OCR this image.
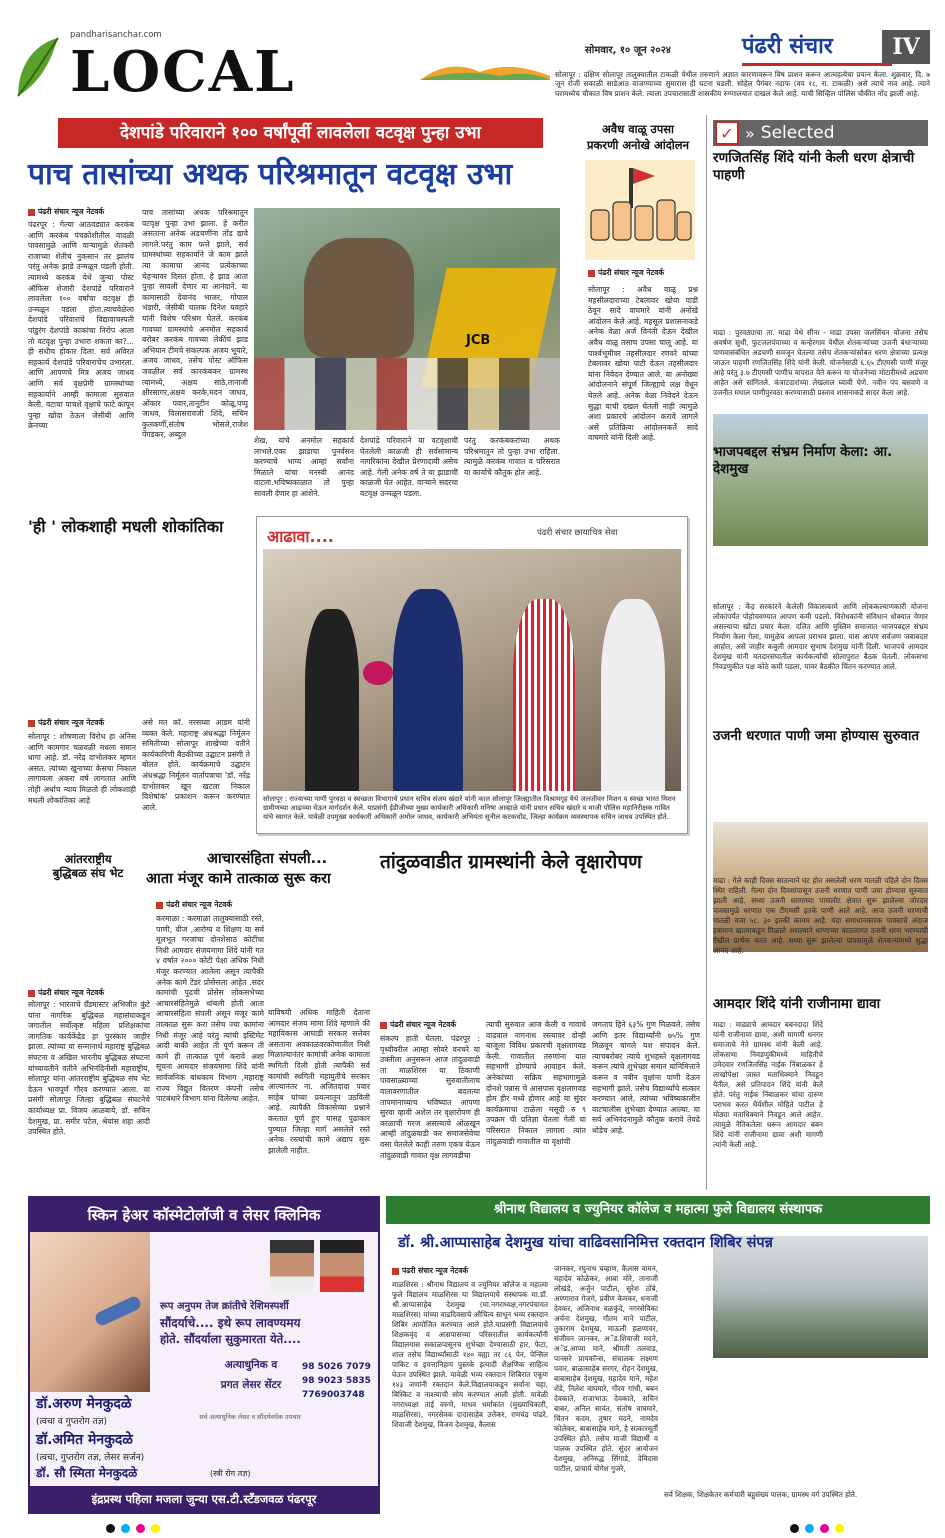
pandharisanchar.com
LOCAL	सोमवार, १० जून २०२४	पंढरी संचार	IV
सोलापूर : दक्षिण सोलापूर तालुक्यातील टाकळी येथील तरुणाने अज्ञात कारणावरून विष प्राशन करून आत्महत्येचा प्रयत्न केला. शुक्रवार, दि. ७ जून रोजी सकाळी साडेआठ वाजण्याच्या सुमारास ही घटना घडली. सोहेल पैगंबर नदाफ (वय १८, रा. टाकळी) असे त्याचे नाव आहे. त्याने घरामध्येच चौकात विष प्राशन केले. त्याला उपचारासाठी शासकीय रुग्णालयात दाखल केले आहे. याची सिव्हिल पोलिस चौकीत नोंद झाली आहे.
देशपांडे परिवाराने १०० वर्षांपूर्वी लावलेला वटवृक्ष पुन्हा उभा
पाच तासांच्या अथक परिश्रमातून वटवृक्ष उभा
पंढरी संचार न्यूज नेटवर्क
पंढरपूर : गेल्या आठवड्यात करकंब आणि करकंब पंचक्रोशीतील वादळी पावसामुळे आणि वाऱ्यामुळे शेतकरी राजाच्या शेतीचं नुकसान तर झालंच परंतु अनेक झाडे उन्मळून पडली होती. त्यामध्ये करकंब येथे जुन्या पोस्ट ऑफिस शेजारी देशपांडे परिवाराने लावलेला १०० वर्षांचा वटवृक्ष ही उन्मळून पडला होता.त्याचवेळेला देशपांडे परिवाराचे विद्यावाचस्पती पांडुरंग देशपांडे काकांचा निरोप आला तो वटवृक्ष पुन्हा उभारा शकता का?... ही संधीच होकार दिला. सर्व अविरत सहकार्य देशपांडे परिवाराचेच उभारला. आणि आपणचे मित्र अजय जाधव आणि सर्व वृक्षप्रेमी ग्रामस्थांच्या सहकार्याने आम्ही कामाला सुरुवात केली. वटाचा पाचशे वृक्षाचे फाटे कापून पुन्हा खोदा ठेऊन जेसीबी आणि क्रेनच्या
पाच तासांच्या अथक परिश्रमातून वटवृक्ष पुन्हा उभा झाला. हे करीत असताना अनेक अडचणींना तोंड द्यावे लागले.परंतु काम फत्ते झाले, सर्व ग्रामस्थांच्या सहकार्याने जे काम झाले त्या कामाचा आनंद प्रत्येकाच्या चेहऱ्यावर दिसत होता. हे झाड आता पुन्हा सावली देणार या आनंदाने. या कामासाठी देवानंद भाजर, गोपाल भंडारी, जेसीबी चालक दिनेश यवहारे यांनी विशेष परिश्रम घेतले. करकंब गावच्या ग्रामस्थांचे अनमोल सहकार्य बरोबर करकंब गावच्या लेकींचं झाड अभियान टीमचे संकल्पक अजय भूयारे, अजय जाधव, तसेच पोस्ट ऑफिस जवळील सर्व कारकंबकर ग्रामस्थ त्यामध्ये, अक्षय साठे,तानाजी क्षीरसागर,अक्षय करके,मदन जाधव, ओंकार पवार,तानूटीन कोळू,पप्पू जाधव, विलासरावजी शिंदे, सचिन कुलकर्णी,संतोष भोसले,राजेश पेंगडकर, अब्दुल
JCB
शेख, यांचे अनमोल सहकार्य लाभले.एका झाडाचा पुनर्वसन करण्याचे भाग्य आम्हां सर्वांना मिळाले यांचा मनस्वी आनंद वाटला.भविष्यकाळात तो पुन्हा सावली देणार हा आशेने.
देशपांडे परिवाराने या वटवृक्षाची घेतलेली काळजी ही सर्वसामान्य नागरिकांना देखील प्रेरणादायी असेच आहे. गेली अनेक वर्ष ते या झाडाची काळजी घेत आहेत. वाऱ्याने सदरचा वटवृक्ष उन्मळून पडला.
परंतु करकंबकरांच्या अथक परिश्रमातून तो पुन्हा उभा राहिला. त्यामुळे करकंब गावात व परिसरात या कार्याचे कौतुक होत आहे.
अवैध वाळू उपसा
प्रकरणी अनोखे आंदोलन
पंढरी संचार न्यूज नेटवर्क
सोलापूर : अवैध वाळू प्रश्न महसीलदाराच्या टेबलावर खोया पाडी ठेवून सादे वाघमारे यांनी अनोखे आंदोलन केले आहे. महसूल प्रशासनाकडे अनेक वेळा अर्ज विनंती देऊन देखील अवैध वाळू तसाच उपसा चालू आहे. या पार्श्वभूमीवर तहसीलदार रणवरे यांच्या टेबलावर खोया पाटी देऊन तहसीलदार यांना निवेदन देण्यात आले. या अनोख्या आंदोलनाने संपूर्ण जिल्ह्याचे लक्ष वेधून घेतले आहे. अनेक वेळा निवेदने देऊन सुद्धा याची दखल घेतली नाही त्यामुळे अशा प्रकारचे आंदोलन करावे लागले असे प्रतिक्रिया आंदोलनकर्ते सादे वाघमारे यांनी दिली आहे.
✓ » Selected
रणजितसिंह शिंदे यांनी केली धरण क्षेत्राची पाहणी
माढा : पुरवठ्याचा ता. माढा येथे सीना - माढा उपसा जलसिंचन योजना तसेच अवर्षण सुधी, फुटजलपंपाच्या व कन्हेरगाव येथील शेतकऱ्यांच्या उजनी बंधाऱ्याच्या पाणवासंबंधित अडचणी समजून घेतल्या तसेच शेतकऱ्यांसोबत धरण क्षेत्राच्या प्रत्यक्ष जाऊन पाहणी रणजितसिंह शिंदे यांनी केली. योजनेसाठी ६.६५ टीएमसी पाणी मंजूर आहे परंतु ३.७ टीएमसी पाणीच वापरात येते करून या योजनेच्या मोटारीमध्ये अडचण आहेत असे सांगितले. कंत्राटदारांच्या लेखलाल घ्यावी घेणे. नवीन पंप बसवणे व उजनीत मधाल पाणीपुरवठा करण्यासाठी प्रस्ताव शासनाकडे सादर केला आहे.
भाजपबद्दल संभ्रम निर्माण केला: आ. देशमुख
सोलापूर : केंद्र सरकारने केलेली विकासकामे आणि लोककल्याणकारी योजना लोकांपर्यंत पोहोचवण्यात आपण कमी पडलो. विरोधकांनी संविधान धोक्यात येणार असल्याचा खोटा प्रचार केला. दलित आणि मुस्लिम समाजात भाजपबद्दल संभ्रम निर्माण केला गेला, यामुळेच आपला पराभव झाला. यास आपण सर्वजण जबाबदार आहोत, असे जाहीर कबुली आमदार सुभाष देशमुख यांनी दिली. भाजपचे आमदार देशमुख यांनी मतदारसंघातील कार्यकर्त्यांची सोलापुरात बैठक घेतली. लोकसभा निवडणुकीत पक्ष कोठे कमी पडला, यावर बैठकीत चिंतन करण्यात आले.
उजनी धरणात पाणी जमा होण्यास सुरुवात
माढा : गेले काही दिवस सातत्याने घट होत असलेली धरण पातळी पहिले दोन दिवस स्थिर राहिली. गेल्या दोन दिवसांपासून उजनी धरणात पाणी जमा होण्यास सुरुवात झाली आहे. सध्या उजनी धरणाच्या पाणलोट क्षेत्रात सुरू झालेल्या जोरदार पावसामुळे धरणात एक टीएमसी इतके पाणी आले आहे. आज उजनी धरणाची पातळी वजा ५८. ३० इतकी कायम आहे. यंदा समाधानकारक पावसाचे अंदाज हवामान खात्याकडून मिळाले असल्याने धरणाच्या काठलागत उजनी धरण भरण्याची देखील प्रार्थना करत आहे. सध्या सुरू झालेल्या पावसामुळे शेतकऱ्यांमध्ये सुद्धा आनंद आहे.
आमदार शिंदे यांनी राजीनामा द्यावा
माढा : माढ्याचे आमदार बबनदादा शिंदे यांनी राजीनामा द्यावा, अशी मागणी धनगर समाजाचे नेते ग्रामस्थ यांनी केली आहे. लोकसभा निवडणुकीमध्ये माहितीचे उमेदवार रणजितसिंह नाईक निंबाळकर हे लाखोपेक्षा जास्त मताधिक्याने निवडून येतील, असे प्रतिपादन शिंदे यांनी केले होते. परंतु नाईक निंबाळकर यांचा दारुण पराभव करत धैर्यशील मोहिते पाटील हे मोठ्या मताधिक्याने निवडून आले आहेत. त्यामुळे नैतिकतेला धरून आमदार बबन शिंदे यांनी राजीनामा द्यावा अशी मागणी त्यांनी केली आहे.
'ही ' लोकशाही मधली शोकांतिका
पंढरी संचार न्यूज नेटवर्क
सोलापूर : शोषणाला विरोध हा अनिस आणि कामगार चळवळी मधला समान धागा आहे. डॉ. नरेंद्र दाभोलकर म्हणत असत. त्यांच्या खुनाच्या केसचा निकाल लागायला अकरा वर्ष लागतात आणि तोही अर्धाच न्याय मिळतो ही लोकशाही मधली शोकांतिका आहे
असे मत कॉ. नरसय्या आडम यांनी व्यक्त केले. महाराष्ट्र अंधश्रद्धा निर्मूलन समितीच्या सोलापूर शाखेच्या वतीने कार्यकारिणी बैठकीच्या उद्घाटन प्रसंगी ते बोलत होते. कार्यक्रमाचे उद्घाटन अंधश्रद्धा निर्मूलन वार्तापत्राचा 'डॉ. नरेंद्र दाभोलकर खून खटला निकाल विशेषांक' प्रकाशन करून करण्यात आले.
आढावा....	पंढरी संचार छायाचित्र सेवा
सोलापूर : राज्याच्या पाणी पुरवठा व स्वच्छता विभागाचे प्रधान सचिव संजय खंदारे यांनी काल सोलापूर जिल्ह्यातील विश्रामगृह येथे जलजीवन मिशन व स्वच्छ भारत मिशन ग्रामीणच्या आढाव्या घेऊन मार्गदर्शन केले. याप्रसंगी ईडीजीच्या मुख्य कार्यकारी अधिकारी मनिषा आव्हाळे यांनी प्रधान सचिव खंदारे व माजी पोलिस महानिरीक्षक गावित यांचे स्वागत केले. यावेळी उपमुख्य कार्यकारी अधिकारी अमोल जाधव, कार्यकारी अभियंता सुनील कटकधोंड, जिल्हा कार्यक्रम व्यवस्थापक सचिन जाधव उपस्थित होते.
आंतरराष्ट्रीय
बुद्धिबळ संघ भेट
पंढरी संचार न्यूज नेटवर्क
सोलापूर : भारताचे ग्रँडमास्टर अभिजीत कुंटे यांना नागरिक बुद्धिबळ महासंघाकडून जगातील सर्वोत्कृष्ट महिला प्रशिक्षकांचा जागतिक कार्यकेंद्रेड हा पुरस्कार जाहीर झाला. त्यांच्या या सन्मानार्थ महाराष्ट्र बुद्धिबळ संघटना व अखिल भारतीय बुद्धिबळ संघटना यांच्यावतीने वतीने अभिनंदिनीसी महाराष्ट्रीय, सोलापूर यांना आंतरराष्ट्रीय बुद्धिबळ संघ भेट देऊन भावपूर्ण गौरव करण्यात आला. या प्रसंगी सोलापूर जिल्हा बुद्धिबळ संघटनेचे कार्याध्यक्ष प्रा. विजय आळबाये, डॉ. सचिन देशमुख, प्रा. समीर पटेल, श्रेयांस शहा आदी उपस्थित होते.
आचारसंहिता संपली...
आता मंजूर कामे तात्काळ सुरू करा
पंढरी संचार न्यूज नेटवर्क
करमाळा : करमाळा तालुक्यासाठी रस्ते, पाणी, वीज ,आरोग्य व शिक्षण या सर्व मूलभूत गरजांचा दोनशेसाठ कोटींचा निधी आमदार संजयमामा शिंदे यांनी गत ४ वर्षात २००० कोटी पेक्षा अधिक निधी मंजूर करण्यात आलेला असून त्यापैकी अनेक कामे टेंडर प्रोसेसला आहेत .सदर कामांची पुढची प्रोसेस लोकसभेच्या आचारसंहितेमुळे थांबली होती आता आचारसंहिता संपली असून मंजूर कामे तात्काळ सुरू करा तसेच ज्या कामांना निधी मंजूर आहे परंतु त्यांची इस्टिमेट आदी बाकी आहेत ती पूर्ण करून ती कामे ही तात्काळ पूर्ण करावे अशा सूचना आमदार संजयमामा शिंदे यांनी सार्वजनिक बांधकाम विभाग ,महाराष्ट्र राज्य विद्युत वितरण कंपनी तसेच पाटबंधारे विभाग यांना दिलेल्या आहेत.
याविषयी अधिक माहिती देताना आमदार संजय मामा शिंदे म्हणाले की महायिकास आघाडी सरकार सत्तेवर असताना अवकाळवरकोणातील निधी मिळाल्यानंतर कामांची अनेक कामाला स्थगिती दिली होती त्यापैकी सर्व कामांची स्थगिती महायुतीचे सरकार आल्यानंतर ना. अजितदादा पवार साहेब यांच्या प्रयत्नातून उठविली आहे. त्यापैकी विकासेच्या प्रश्नाने करतात पूर्ण हुए यासह पुढाकार पुण्यात जिल्हा मार्ग असलेले रस्ते अनेक रस्त्यांची कामे अद्याप सुरू झालेली नाहीत.
तांदुळवाडीत ग्रामस्थांनी केले वृक्षारोपण
पंढरी संचार न्यूज नेटवर्क
संकल्प हाती घेतला. पंढरपूर : पृथ्वीवरील आम्हा सोयरे वनचरे या उक्तीला अनुसरून आज तांदुळवाडी ता माळशिरस या ठिकाणी पावसाळ्याच्या सुरुवातीलाच वातावरणातील बदलत्या तापमानाच्याच भविष्यात आपणा सुरवा व्हावी अशेल तर वृक्षारोपण ही काळाची गरज असल्याचे ओळखून आम्ही तांदुळवाडी कर समाजसेवेचा वसा घेतलेले काही तरुण एकत्र येऊन तांदुळवाडी गावात वृक्ष लागवडीचा
त्याची सुरुवात आज केली व गावाचे वाढवाल नागनाथ रस्त्यावर दोन्ही बाजूला विविध प्रकारची वृक्षलागवड केली. गावातील तरुणांना यात सहभागी होण्याचे आवाहन केले. अनेकांच्या सक्रिय सहभागामुळे दोनशे पन्नास चे आसपास वृक्षलागवड होम हीर मध्ये होणार आहे या सुंदर कार्यक्रमाचा टाळेला मसूदी रु ९ उपक्रम ची प्रतिज्ञा घेतला गेली या परिसरात निकाल लागला त्यांत तांदुळवाडी गावातील या वृक्षांची
जगताप हिने ६३% गुण मिळवले. तसेच आणि इतर विद्यार्थ्यांनी ७५% गुण मिळवून चांगले यश संपादन केले. त्याचबरोबर त्याचे शुभहस्ते वृक्षलागवड करून त्यांचे शुभेच्छा समान यानिमित्ताने करून व नवीन वृक्षांना पाणी देऊन सहभागी झाले. तसेच विद्यार्थ्यांचे सत्कार करण्यात आले, त्यांच्या भविष्यकालीन वाटचालीस शुभेच्छा देण्यात आल्या. या सर्व अभिनंदनामुळे कौतुक करावे तेवढे थोडेच आहे.
स्किन हेअर कॉस्मेटोलॉजी व लेसर क्लिनिक
रूप अनुपम तेज क्रांतीचे रेशिमस्पर्शी
सौंदर्याचे.... इथे रूप लावण्यमय
होते. सौंदर्याला सुकुमारता येते....
डॉ.अरुण मेनकुदळे
(त्वचा व गुप्तरोग तज्ञ)
डॉ.अमित मेनकुदळे
(त्वचा, गुप्तरोग तज्ञ, लेसर सर्जन)
डॉ. सौ स्मिता मेनकुदळे	(स्त्री रोग तज्ञ)
अत्याधुनिक व
प्रगत लेसर सेंटर
98 5026 7079
98 9023 5835
7769003748
सर्व अत्याधुनिक लेसर व सौंदर्यवर्धक उपचार
इंद्रप्रस्थ पहिला मजला जुन्या एस.टी.स्टँडजवळ पंढरपूर
श्रीनाथ विद्यालय व ज्युनियर कॉलेज व महात्मा फुले विद्यालय संस्थापक
डॉ. श्री.आप्पासाहेब देशमुख यांचा वाढिवसानिमित्त रक्तदान शिबिर संपन्न
पंढरी संचार न्यूज नेटवर्क
माळशिरस : श्रीनाथ विद्यालय व ज्युनियर कॉलेज व महात्मा फुले विद्यालय माळशिरस या विद्यालयाचे संस्थापक मा.डॉ. श्री.आप्पासाहेब देशमुख (मा.नगराध्यक्ष,नगरपंचायत माळशिरस) यांच्या वाढदिवसाचे औचित्य साधून भव्य रक्तदान शिबिर आयोजित करण्यात आले होते.याप्रसंगी विद्यालयाचे शिक्षकवृंद व आसपासच्या परिसरातील कार्यकर्त्यांनी विद्यालयास सकाळपासूनच शुभेच्छा देण्यासाठी हार, फेटा, शाल तसेच विद्यार्थ्यांसाठी १४० वह्या तर ८६ पेन, पेन्सिल पाकिट व इयत्तानिहाय पुस्तके इत्यादी शैक्षणिक साहित्य घेऊन उपस्थित झाले. यावेळी भव्य रक्तदान शिबिरात एकूण १४३ जणांनी रक्तदान केले.विद्यालयाकडून सर्वांना चहा, बिस्किट व नाश्त्याची सोय करण्यात आली होती. यावेळी नगराध्यक्षा ताई वरुणे, माधव धर्माकांत (मुख्याधिकारी, माळशिरस), नगरसेवक दादासाहेब उत्तेकर, रामचंद्र पांढरे, शिवाजी देशमुख, विजय देशमुख, कैलास
जानकर, रघुनाथ चव्हाण, कैलास वामन, महादेव कोळेकर, आबा मोरे, तानाजी लोखंडे, अर्जुन पाटील, सुरेश ठोंबे, अण्णाराव गेजगे, प्रवीण केमकर, धनाजी देवकर, अजिनाथ वळकुंदे, नगरसेविका अर्चना देशमुख, गौतम माने पाटील, तुकाराम देशमुख, माऊली हळणावर, संजीवन जानकर, अॅड.शिवाजी मदने, अॅड.आप्पा माने, श्रीमती तलवाड, पानसरे प्रायकॉन्स, संचालक लक्ष्मण पवार, बाळासाहेब सरगर, रोहन देशमुख, बाबासाहेब देशमुख, महादेव माने, महेश शेंडे, निलेश वाघमारे, गौरव गांधी, बबन देवकाते, राजाभाऊ देवकाते, सचिन बाबर, अनिल सावंत, संतोष वाघमारे, चिंतन कदम, तुषार मदने, नामदेव कोलेकर, बाबासाहेब माने, हे सत्कारमूर्ती उपस्थित होते. तसेच माजी विद्यार्थी व पालक उपस्थित होते. सुंदर आयोजन देशमुख, अनिरुद्ध सिंगाडे, देविदास पाटील, प्राचार्य योगेश गुजरे,
सर्व शिक्षक, शिक्षकेतर कर्मचारी बहुसंख्य पालक, ग्रामस्थ वर्ग उपस्थित होते.
